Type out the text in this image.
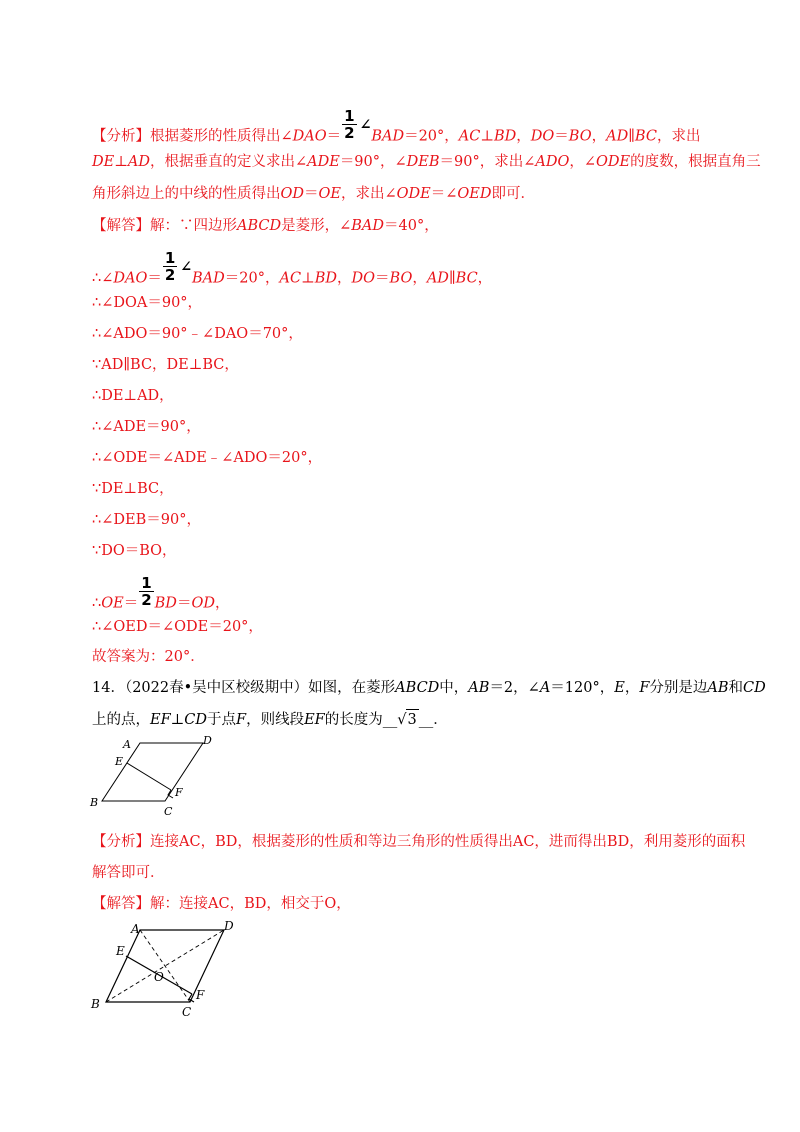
【分析】根据菱形的性质得出∠DAO＝ $\frac{1}{2}$ ∠BAD＝20°，AC⊥BD，DO＝BO，AD∥BC，求出
DE⊥AD，根据垂直的定义求出∠ADE＝90°，∠DEB＝90°，求出∠ADO，∠ODE的度数，根据直角三
角形斜边上的中线的性质得出OD＝OE，求出∠ODE＝∠OED即可．
【解答】解：∵四边形ABCD是菱形，∠BAD＝40°，
∴∠DAO＝ $\frac{1}{2}$ ∠BAD＝20°，AC⊥BD，DO＝BO，AD∥BC，
∴∠DOA＝90°，
∴∠ADO＝90°﹣∠DAO＝70°，
∵AD∥BC，DE⊥BC，
∴DE⊥AD，
∴∠ADE＝90°，
∴∠ODE＝∠ADE﹣∠ADO＝20°，
∵DE⊥BC，
∴∠DEB＝90°，
∵DO＝BO，
∴OE＝ $\frac{1}{2} BD=OD$，
∴∠OED＝∠ODE＝20°，
故答案为：20°．
14．（2022春•吴中区校级期中）如图，在菱形ABCD中，AB＝2，∠A＝120°，E，F分别是边AB和CD
上的点，EF⊥CD于点F，则线段EF的长度为__√3 __．
A	D
E
B
F
C
【分析】连接AC，BD，根据菱形的性质和等边三角形的性质得出AC，进而得出BD，利用菱形的面积
解答即可．
【解答】解：连接AC，BD，相交于O，
A	D
E
O
B
F
C
